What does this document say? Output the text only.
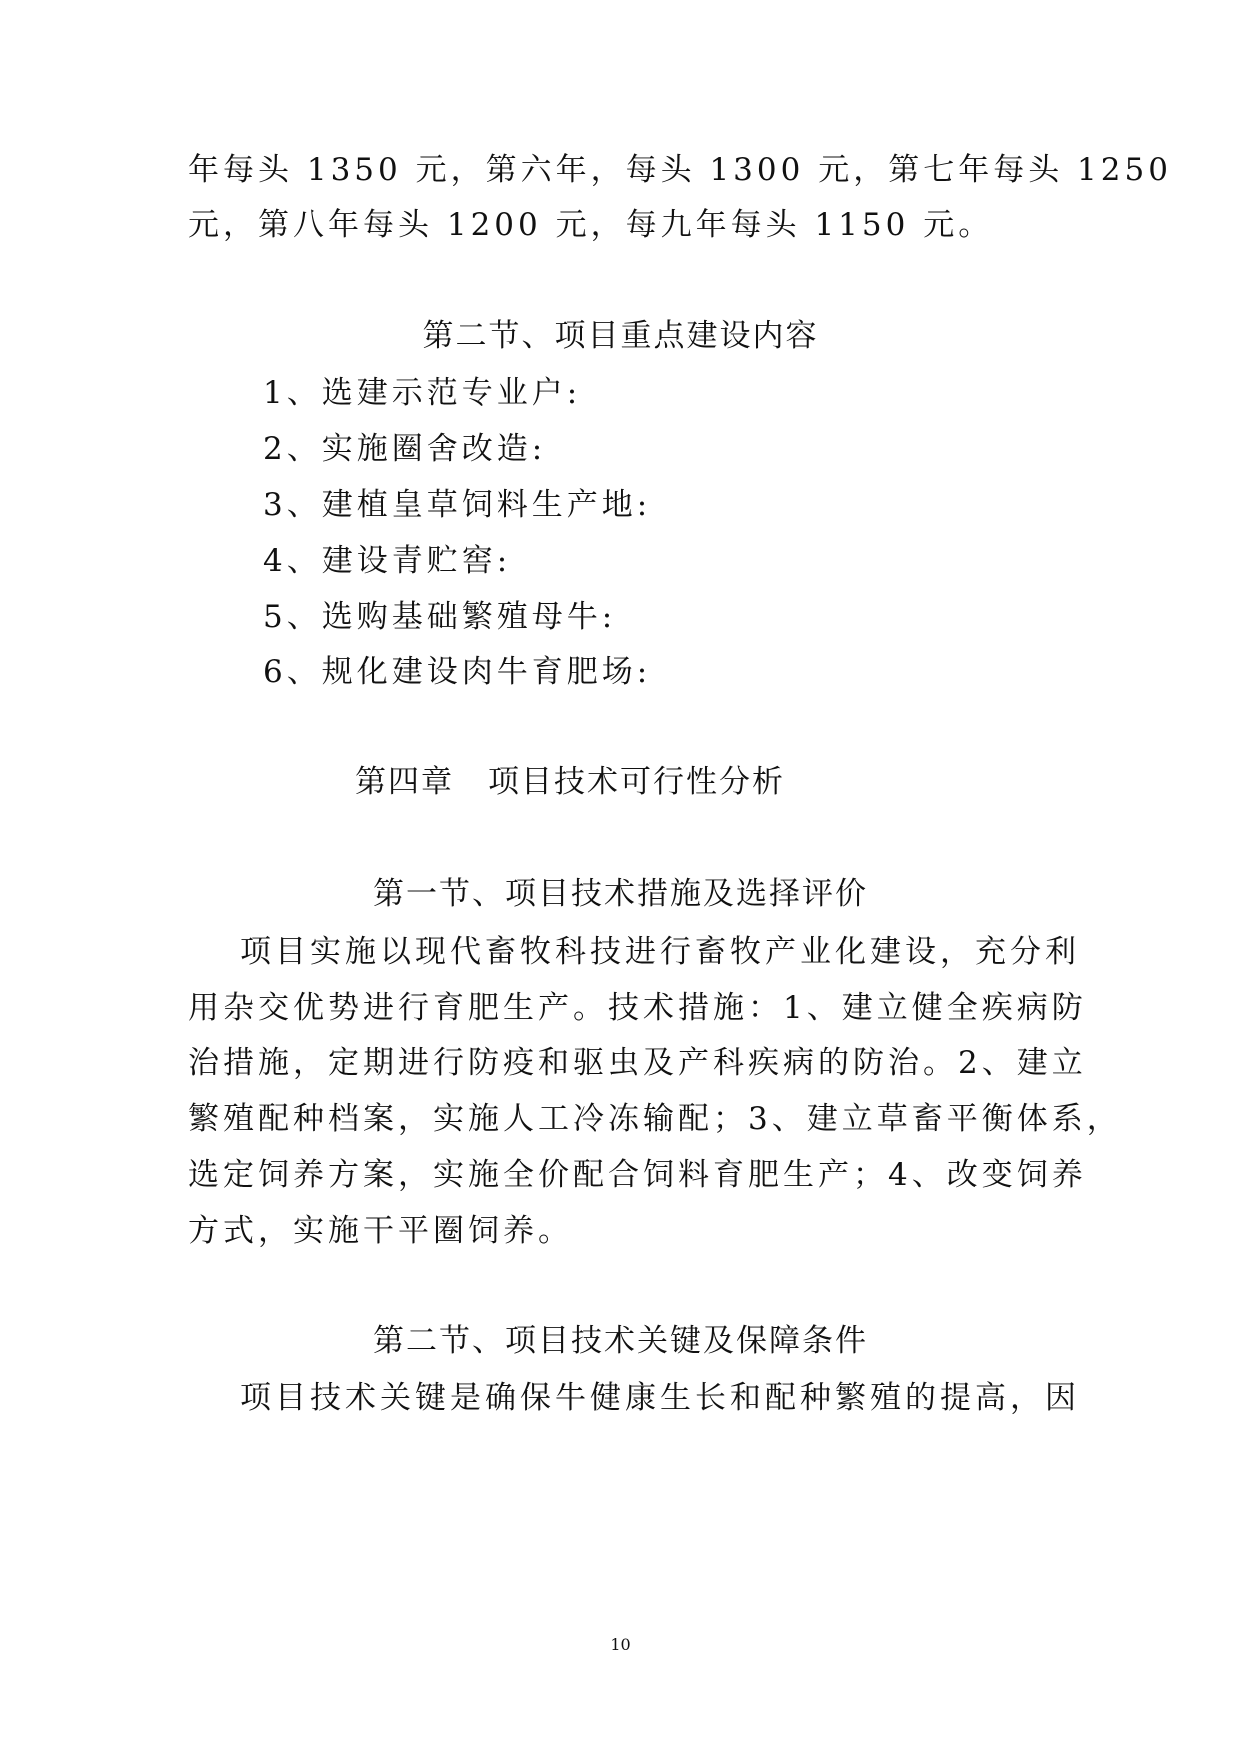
年每头 1350 元，第六年，每头 1300 元，第七年每头 1250
元，第八年每头 1200 元，每九年每头 1150 元。
第二节、项目重点建设内容
1、选建示范专业户:
2、实施圈舍改造:
3、建植皇草饲料生产地:
4、建设青贮窖:
5、选购基础繁殖母牛:
6、规化建设肉牛育肥场:
第四章 项目技术可行性分析
第一节、项目技术措施及选择评价
项目实施以现代畜牧科技进行畜牧产业化建设，充分利
用杂交优势进行育肥生产。技术措施：1、建立健全疾病防
治措施，定期进行防疫和驱虫及产科疾病的防治。2、建立
繁殖配种档案，实施人工冷冻输配；3、建立草畜平衡体系，
选定饲养方案，实施全价配合饲料育肥生产；4、改变饲养
方式，实施干平圈饲养。
第二节、项目技术关键及保障条件
项目技术关键是确保牛健康生长和配种繁殖的提高，因
10
